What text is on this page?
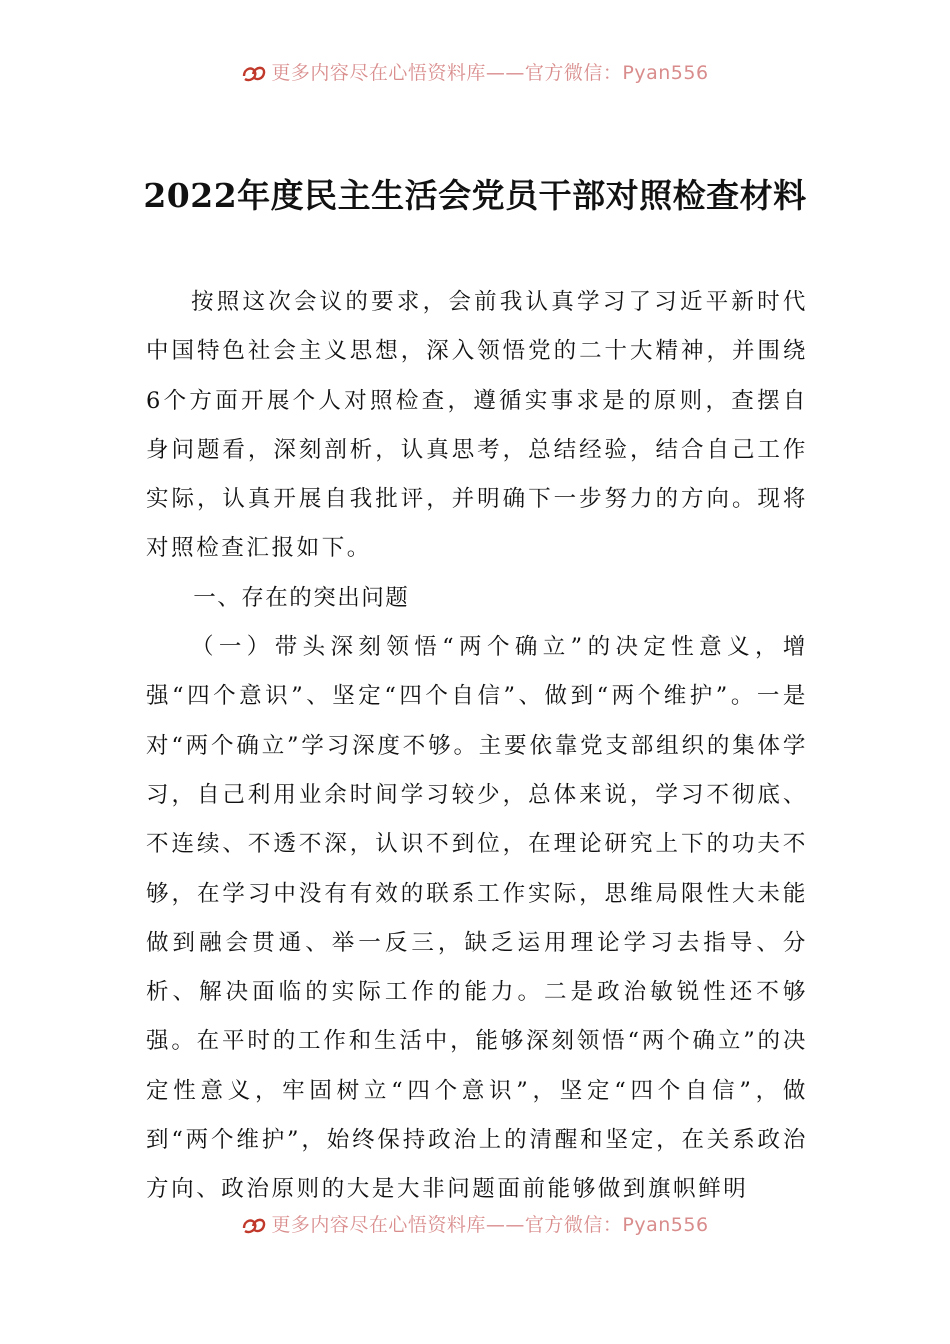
更多内容尽在心悟资料库——官方微信：Pyan556
2022年度民主生活会党员干部对照检查材料

按照这次会议的要求，会前我认真学习了习近平新时代中国特色社会主义思想，深入领悟党的二十大精神，并围绕6个方面开展个人对照检查，遵循实事求是的原则，查摆自身问题看，深刻剖析，认真思考，总结经验，结合自己工作实际，认真开展自我批评，并明确下一步努力的方向。现将对照检查汇报如下。

一、存在的突出问题

（一）带头深刻领悟“两个确立”的决定性意义，增强“四个意识”、坚定“四个自信”、做到“两个维护”。一是对“两个确立”学习深度不够。主要依靠党支部组织的集体学习，自己利用业余时间学习较少，总体来说，学习不彻底、不连续、不透不深，认识不到位，在理论研究上下的功夫不够，在学习中没有有效的联系工作实际，思维局限性大未能做到融会贯通、举一反三，缺乏运用理论学习去指导、分析、解决面临的实际工作的能力。二是政治敏锐性还不够强。在平时的工作和生活中，能够深刻领悟“两个确立”的决定性意义，牢固树立“四个意识”，坚定“四个自信”，做到“两个维护”，始终保持政治上的清醒和坚定，在关系政治方向、政治原则的大是大非问题面前能够做到旗帜鲜明

更多内容尽在心悟资料库——官方微信：Pyan556
